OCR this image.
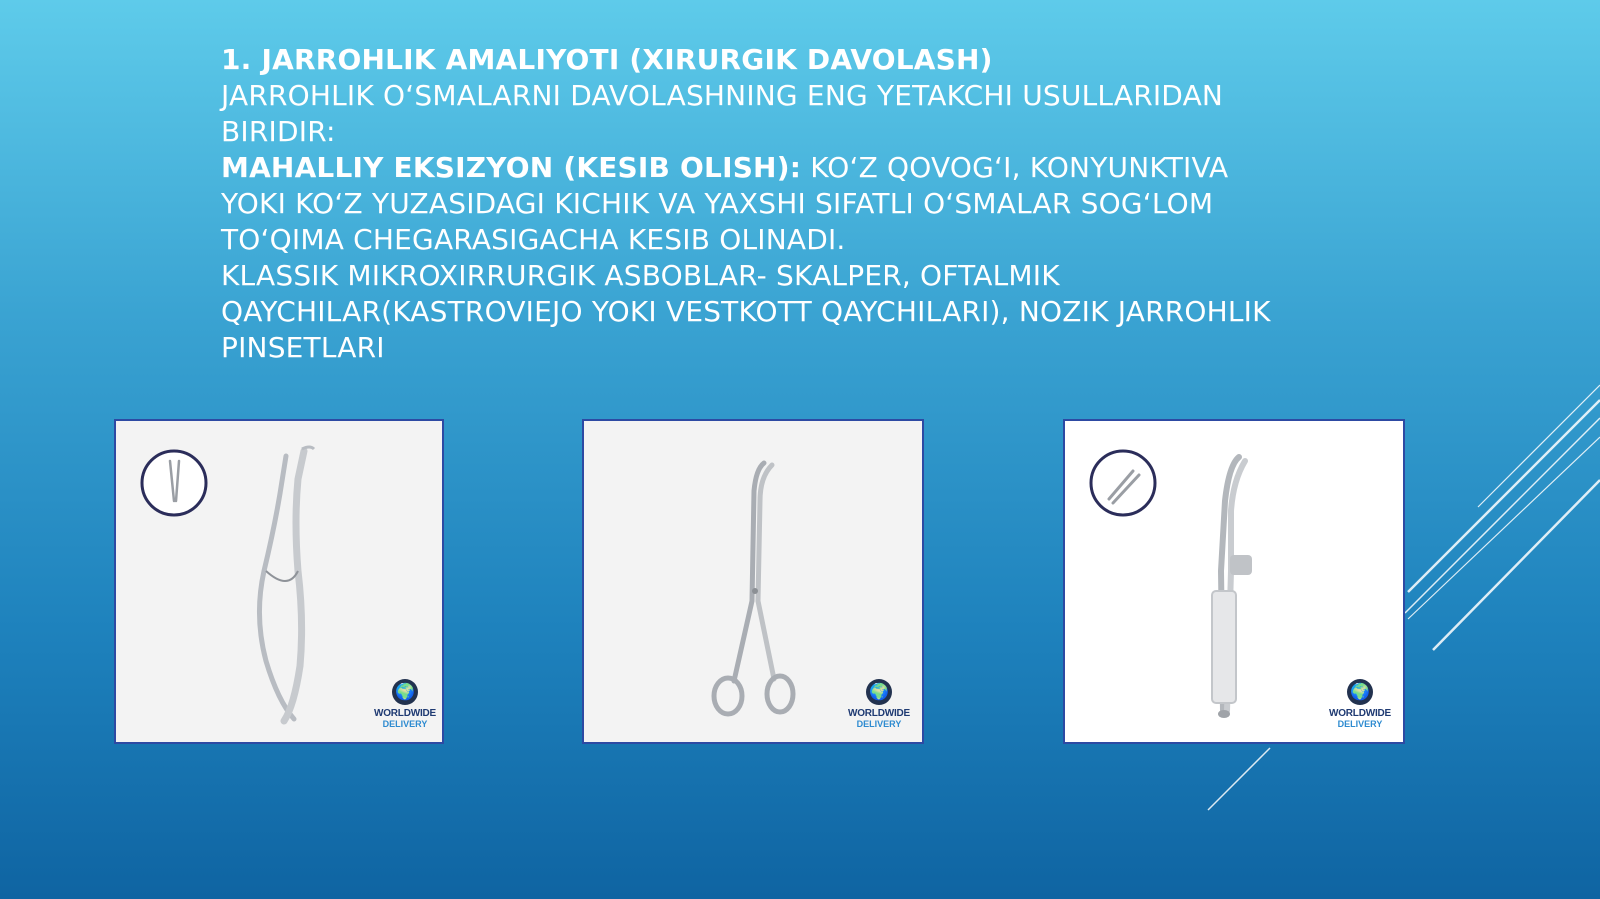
1. JARROHLIK AMALIYOTI (XIRURGIK DAVOLASH)

JARROHLIK O‘SMALARNI DAVOLASHNING ENG YETAKCHI USULLARIDAN BIRIDIR:

MAHALLIY EKSIZYON (KESIB OLISH): KO‘Z QOVOG‘I, KONYUNKTIVA YOKI KO‘Z YUZASIDAGI KICHIK VA YAXSHI SIFATLI O‘SMALAR SOG‘LOM TO‘QIMA CHEGARASIGACHA KESIB OLINADI.

KLASSIK MIKROXIRRURGIK ASBOBLAR- SKALPER, OFTALMIK QAYCHILAR(KASTROVIEJO YOKI VESTKOTT QAYCHILARI), NOZIK JARROHLIK PINSETLARI

🌍
WORLDWIDE
DELIVERY
🌍
WORLDWIDE
DELIVERY
🌍
WORLDWIDE
DELIVERY
